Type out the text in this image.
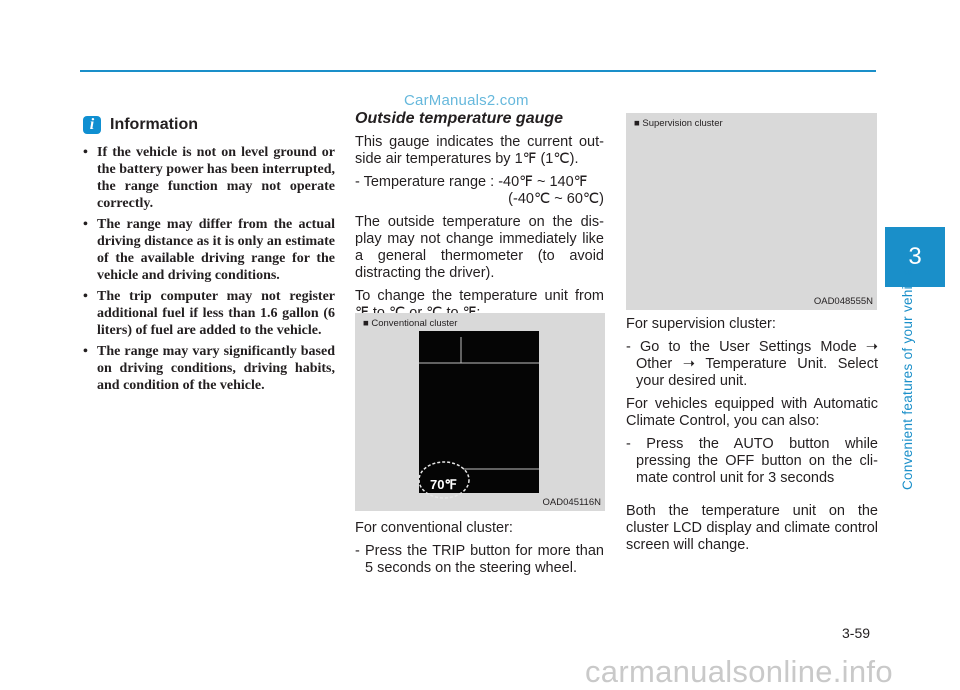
CarManuals2.com
i Information
• If the vehicle is not on level ground or the battery power has been interrupted, the range function may not operate correctly.
• The range may differ from the actual driving distance as it is only an estimate of the available driving range for the vehicle and driving conditions.
• The trip computer may not register additional fuel if less than 1.6 gallon (6 liters) of fuel are added to the vehicle.
• The range may vary significantly based on driving conditions, driving habits, and condition of the vehicle.

Outside temperature gauge

This gauge indicates the current outside air temperatures by 1℉ (1℃).

- Temperature range : -40℉ ~ 140℉

(-40℃ ~ 60℃)

The outside temperature on the display may not change immediately like a general thermometer (to avoid distracting the driver).

To change the temperature unit from

■ Conventional cluster
70℉
OAD045116N

For conventional cluster:

- Press the TRIP button for more than 5 seconds on the steering wheel.

■ Supervision cluster
OAD048555N

For supervision cluster:

- Go to the User Settings Mode ➝ Other ➝ Temperature Unit. Select your desired unit.

For vehicles equipped with Automatic Climate Control, you can also:

- Press the AUTO button while pressing the OFF button on the climate control unit for 3 seconds

Both the temperature unit on the cluster LCD display and climate control screen will change.

3
Convenient features of your vehicle
3-59
carmanualsonline.info
